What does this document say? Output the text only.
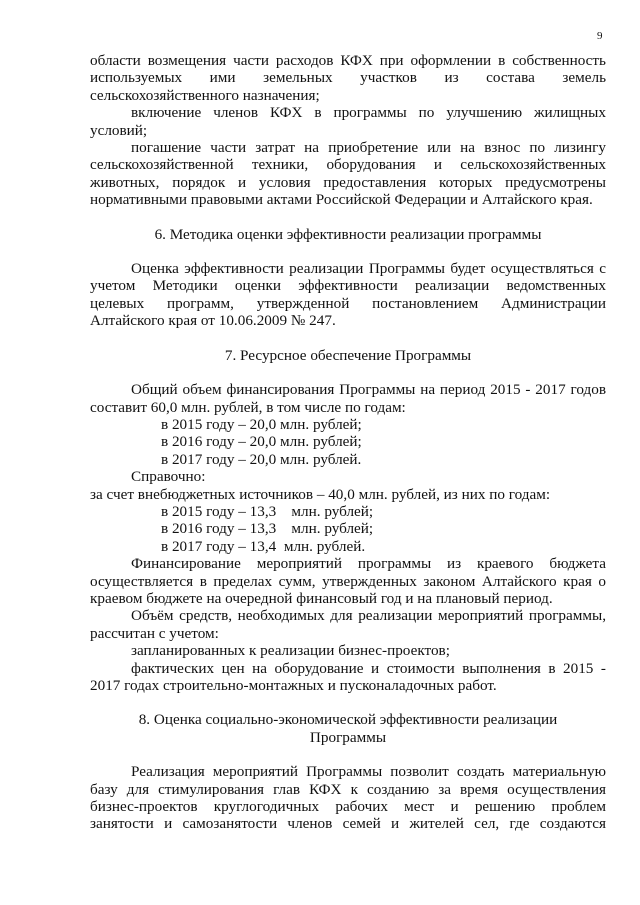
9

области возмещения части расходов КФХ при оформлении в собственность

используемых ими земельных участков из состава земель

сельскохозяйственного назначения;

включение членов КФХ в программы по улучшению жилищных

условий;

погашение части затрат на приобретение или на взнос по лизингу

сельскохозяйственной техники, оборудования и сельскохозяйственных

животных, порядок и условия предоставления которых предусмотрены

нормативными правовыми актами Российской Федерации и Алтайского края.

6. Методика оценки эффективности реализации программы

Оценка эффективности реализации Программы будет осуществляться с

учетом Методики оценки эффективности реализации ведомственных

целевых программ, утвержденной постановлением Администрации

Алтайского края от 10.06.2009 № 247.

7. Ресурсное обеспечение Программы

Общий объем финансирования Программы на период 2015 - 2017 годов

составит 60,0 млн. рублей, в том числе по годам:

в 2015 году – 20,0 млн. рублей;

в 2016 году – 20,0 млн. рублей;

в 2017 году – 20,0 млн. рублей.

Справочно:

за счет внебюджетных источников – 40,0 млн. рублей, из них по годам:

в 2015 году – 13,3    млн. рублей;

в 2016 году – 13,3    млн. рублей;

в 2017 году – 13,4  млн. рублей.

Финансирование мероприятий программы из краевого бюджета

осуществляется в пределах сумм, утвержденных законом Алтайского края о

краевом бюджете на очередной финансовый год и на плановый период.

Объём средств, необходимых для реализации мероприятий программы,

рассчитан с учетом:

запланированных к реализации бизнес-проектов;

фактических цен на оборудование и стоимости выполнения в 2015 -

2017 годах строительно-монтажных и пусконаладочных работ.

8. Оценка социально-экономической эффективности реализации

Программы

Реализация мероприятий Программы позволит создать материальную

базу для стимулирования глав КФХ к созданию за время осуществления

бизнес-проектов круглогодичных рабочих мест и решению проблем

занятости и самозанятости членов семей и жителей сел, где создаются
